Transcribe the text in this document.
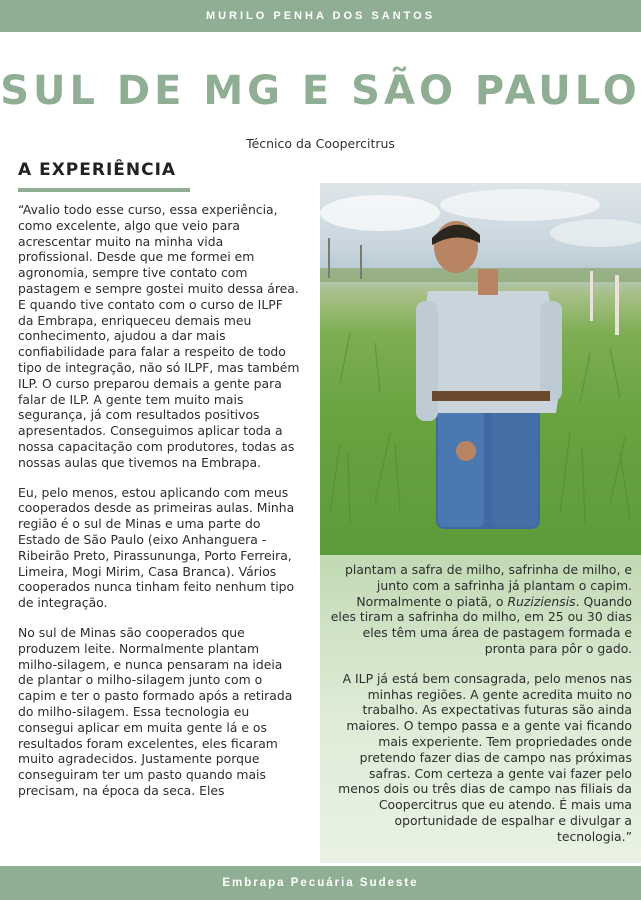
MURILO PENHA DOS SANTOS
SUL DE MG E SÃO PAULO
Técnico da Coopercitrus
A EXPERIÊNCIA

“Avalio todo esse curso, essa experiência, como excelente, algo que veio para acrescentar muito na minha vida profissional. Desde que me formei em agronomia, sempre tive contato com pastagem e sempre gostei muito dessa área. E quando tive contato com o curso de ILPF da Embrapa, enriqueceu demais meu conhecimento, ajudou a dar mais confiabilidade para falar a respeito de todo tipo de integração, não só ILPF, mas também ILP. O curso preparou demais a gente para falar de ILP. A gente tem muito mais segurança, já com resultados positivos apresentados. Conseguimos aplicar toda a nossa capacitação com produtores, todas as nossas aulas que tivemos na Embrapa.

Eu, pelo menos, estou aplicando com meus cooperados desde as primeiras aulas. Minha região é o sul de Minas e uma parte do Estado de São Paulo (eixo Anhanguera - Ribeirão Preto, Pirassununga, Porto Ferreira, Limeira, Mogi Mirim, Casa Branca). Vários cooperados nunca tinham feito nenhum tipo de integração.

No sul de Minas são cooperados que produzem leite. Normalmente plantam milho-silagem, e nunca pensaram na ideia de plantar o milho-silagem junto com o capim e ter o pasto formado após a retirada do milho-silagem. Essa tecnologia eu consegui aplicar em muita gente lá e os resultados foram excelentes, eles ficaram muito agradecidos. Justamente porque conseguiram ter um pasto quando mais precisam, na época da seca. Eles

plantam a safra de milho, safrinha de milho, e junto com a safrinha já plantam o capim. Normalmente o piatã, o Ruziziensis. Quando eles tiram a safrinha do milho, em 25 ou 30 dias eles têm uma área de pastagem formada e pronta para pôr o gado.

A ILP já está bem consagrada, pelo menos nas minhas regiões. A gente acredita muito no trabalho. As expectativas futuras são ainda maiores. O tempo passa e a gente vai ficando mais experiente. Tem propriedades onde pretendo fazer dias de campo nas próximas safras. Com certeza a gente vai fazer pelo menos dois ou três dias de campo nas filiais da Coopercitrus que eu atendo. É mais uma oportunidade de espalhar e divulgar a tecnologia.”

Embrapa Pecuária Sudeste
